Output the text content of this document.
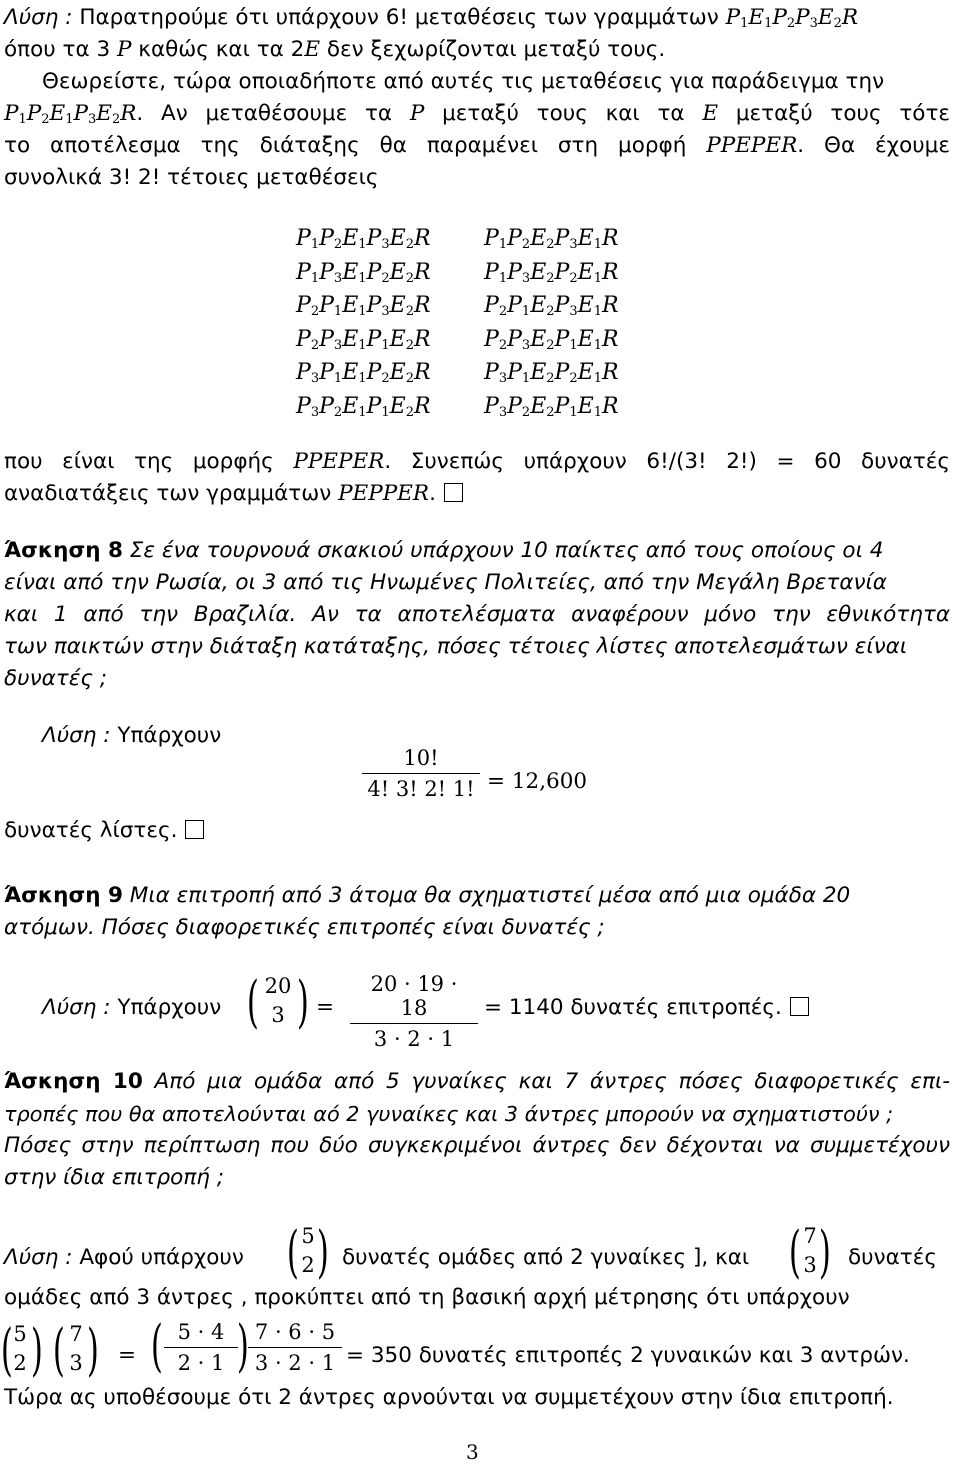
Λύση : Παρατηρούμε ότι υπάρχουν 6! μεταθέσεις των γραμμάτων $P_1E_1P_2P_3E_2R$
όπου τα 3 P καθώς και τα 2E δεν ξεχωρίζονται μεταξύ τους.
Θεωρείστε, τώρα οποιαδήποτε από αυτές τις μεταθέσεις για παράδειγμα την
$P_1P_2E_1P_3E_2R$. Αν μεταθέσουμε τα P μεταξύ τους και τα E μεταξύ τους τότε
το αποτέλεσμα της διάταξης θα παραμένει στη μορφή PPEPER. Θα έχουμε
συνολικά 3! 2! τέτοιες μεταθέσεις
$P_1P_2E_1P_3E_2R$ $P_1P_2E_2P_3E_1R$
$P_1P_3E_1P_2E_2R$ $P_1P_3E_2P_2E_1R$
$P_2P_1E_1P_3E_2R$ $P_2P_1E_2P_3E_1R$
$P_2P_3E_1P_1E_2R$ $P_2P_3E_2P_1E_1R$
$P_3P_1E_1P_2E_2R$ $P_3P_1E_2P_2E_1R$
$P_3P_2E_1P_1E_2R$ $P_3P_2E_2P_1E_1R$
που είναι της μορφής PPEPER. Συνεπώς υπάρχουν 6!/(3! 2!) = 60 δυνατές
αναδιατάξεις των γραμμάτων PEPPER.
Άσκηση 8 Σε ένα τουρνουά σκακιού υπάρχουν 10 παίκτες από τους οποίους οι 4
είναι από την Ρωσία, οι 3 από τις Ηνωμένες Πολιτείες, από την Μεγάλη Βρετανία
και 1 από την Βραζιλία. Αν τα αποτελέσματα αναφέρουν μόνο την εθνικότητα
των παικτών στην διάταξη κατάταξης, πόσες τέτοιες λίστες αποτελεσμάτων είναι
δυνατές ;
Λύση : Υπάρχουν
10!
4! 3! 2! 1! = 12,600
δυνατές λίστες.
Άσκηση 9 Μια επιτροπή από 3 άτομα θα σχηματιστεί μέσα από μια ομάδα 20
ατόμων. Πόσες διαφορετικές επιτροπές είναι δυνατές ;
Λύση : Υπάρχουν ( 20
3 ) =
20 · 19 · 18
3 · 2 · 1
= 1140 δυνατές επιτροπές.
Άσκηση 10 Από μια ομάδα από 5 γυναίκες και 7 άντρες πόσες διαφορετικές επι-
τροπές που θα αποτελούνται αό 2 γυναίκες και 3 άντρες μπορούν να σχηματιστούν ;
Πόσες στην περίπτωση που δύο συγκεκριμένοι άντρες δεν δέχονται να συμμετέχουν
στην ίδια επιτροπή ;
Λύση : Αφού υπάρχουν ( 5
2 ) δυνατές ομάδες από 2 γυναίκες ], και ( 7
3 ) δυνατές
ομάδες από 3 άντρες , προκύπτει από τη βασική αρχή μέτρησης ότι υπάρχουν
( 5
2 ) ( 7
3 ) = ( 5 · 4
2 · 1 ) 7 · 6 · 5
3 · 2 · 1 = 350 δυνατές επιτροπές 2 γυναικών και 3 αντρών.
Τώρα ας υποθέσουμε ότι 2 άντρες αρνούνται να συμμετέχουν στην ίδια επιτροπή.
3
